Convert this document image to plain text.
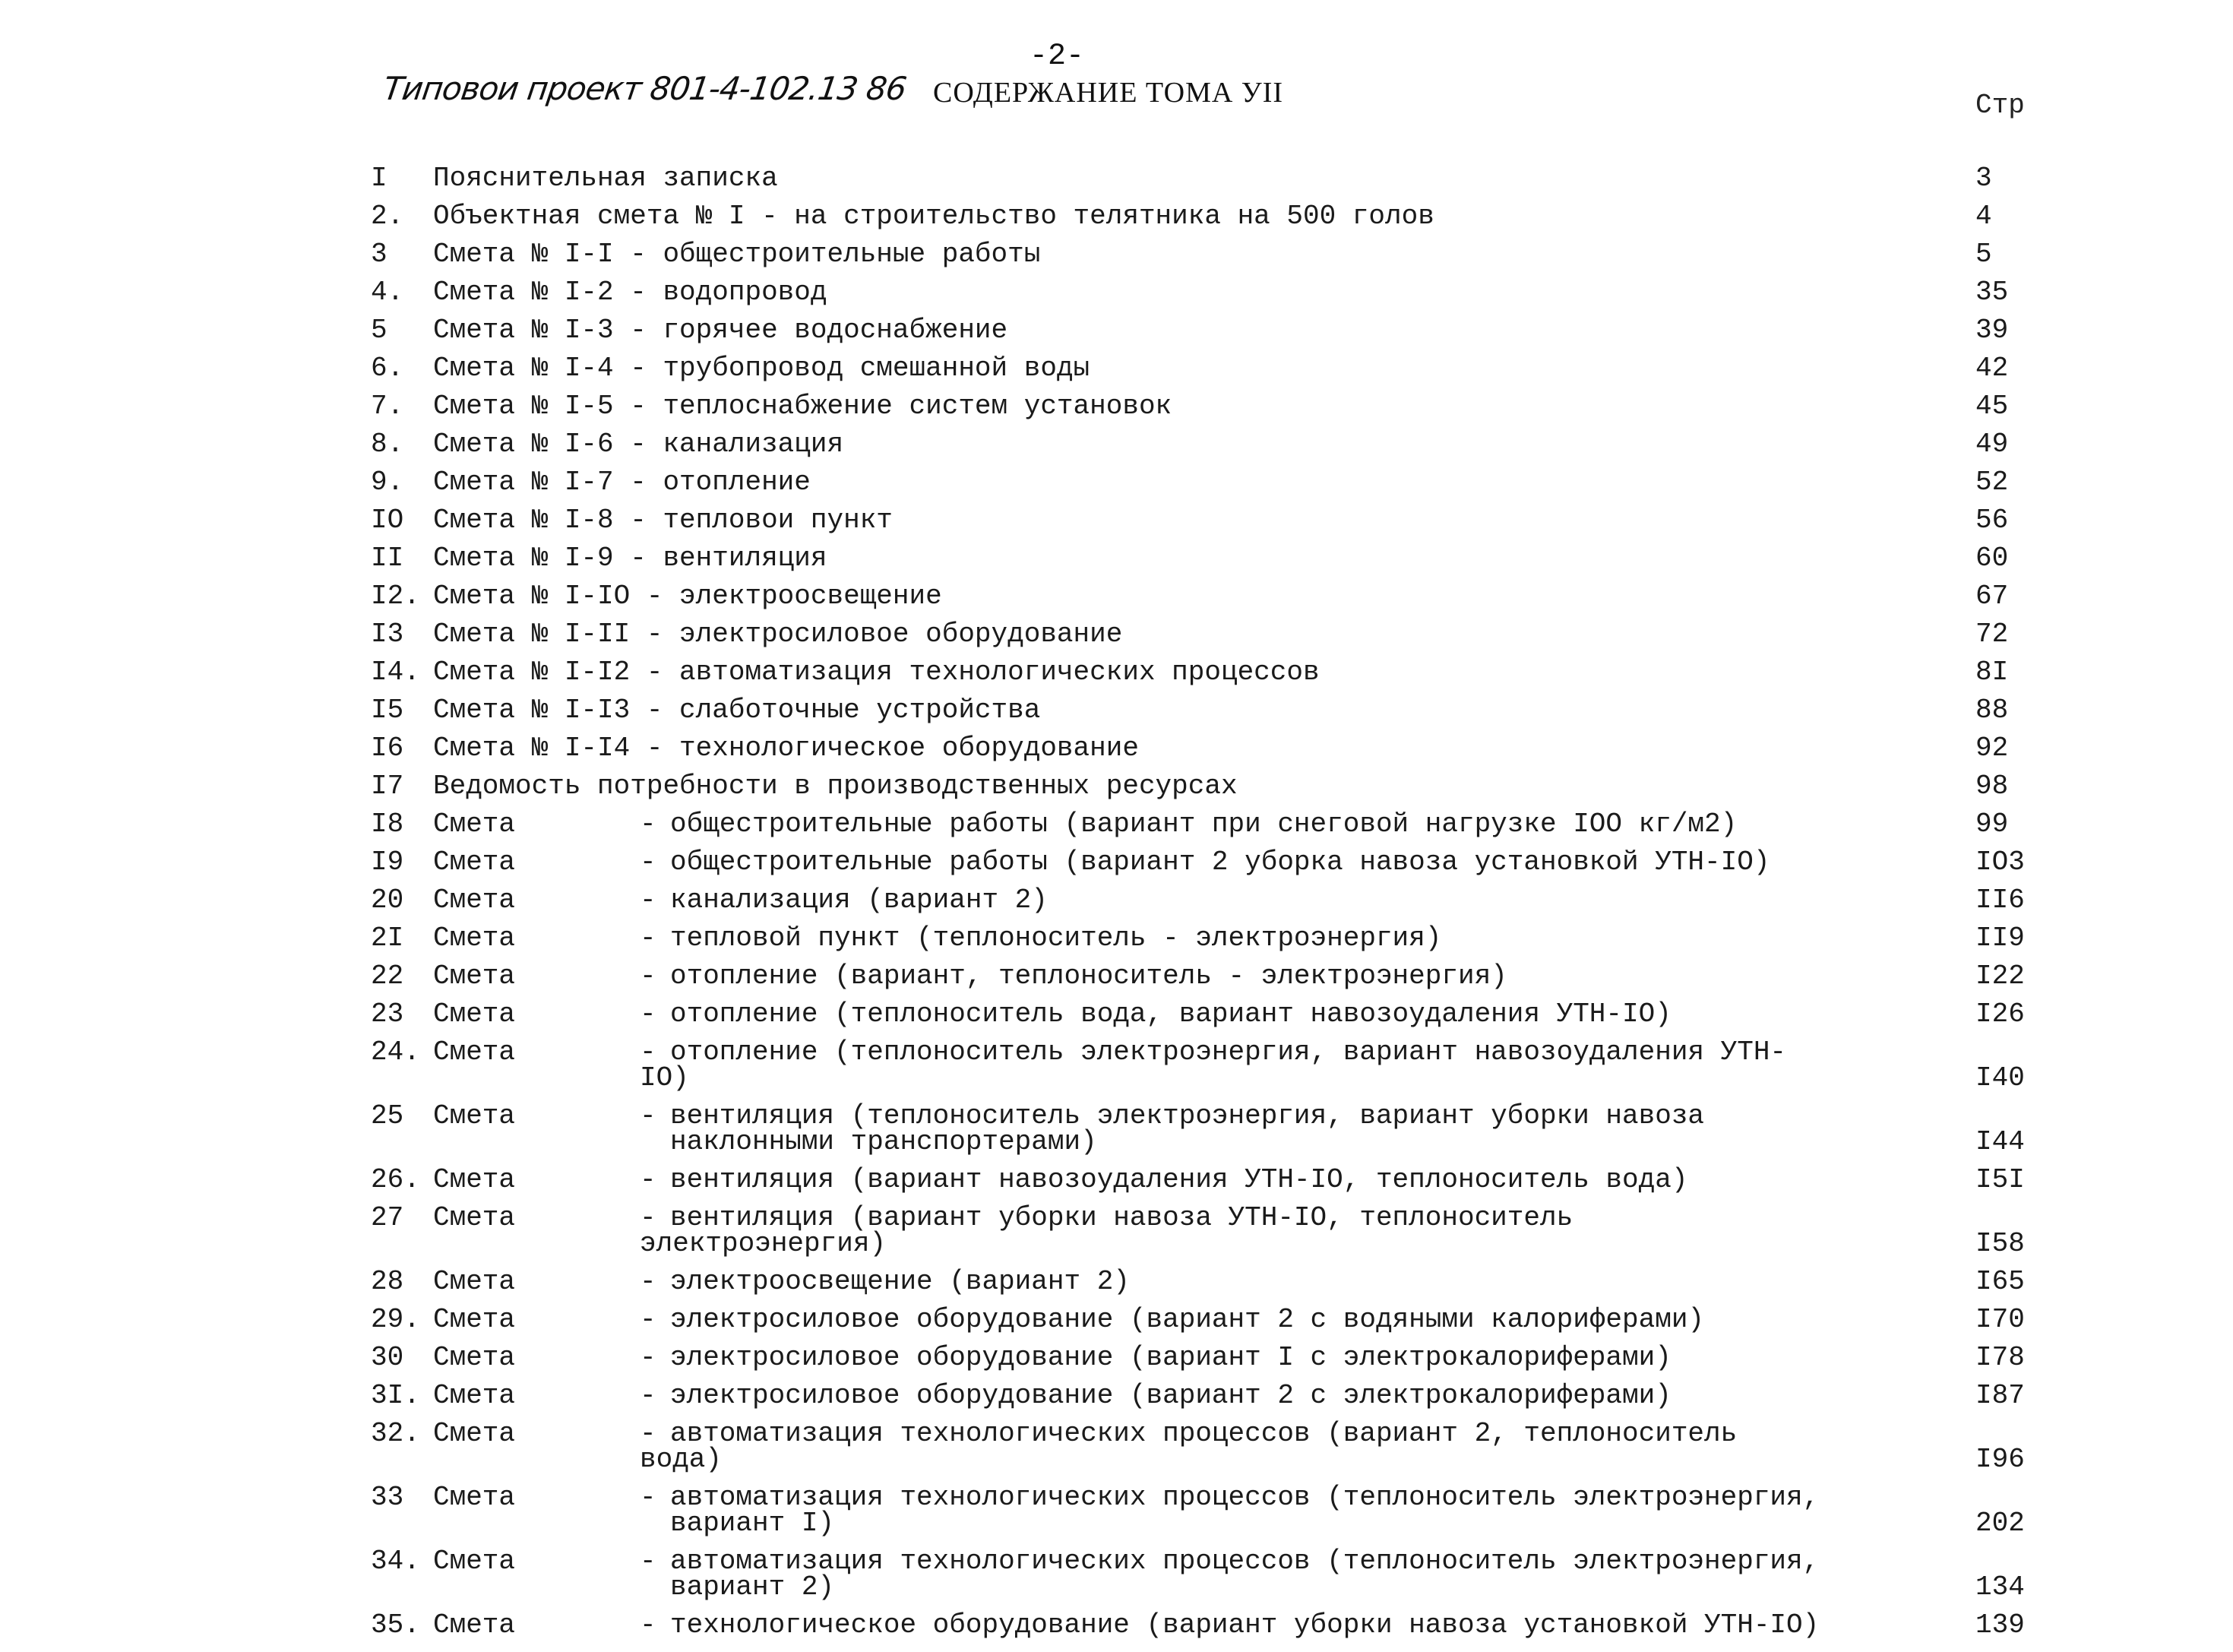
Типовои проект 801-4-102.13 86
-2-
СОДЕРЖАНИЕ ТОМА УII	Стр
I	Пояснительная записка	3
2.	Объектная смета № I - на строительство телятника на 500 голов	4
3	Смета № I-I - общестроительные работы	5
4.	Смета № I-2 - водопровод	35
5	Смета № I-3 - горячее водоснабжение	39
6.	Смета № I-4 - трубопровод смешанной воды	42
7.	Смета № I-5 - теплоснабжение систем установок	45
8.	Смета № I-6 - канализация	49
9.	Смета № I-7 - отопление	52
IO	Смета № I-8 - тепловои пункт	56
II	Смета № I-9 - вентиляция	60
I2. Смета № I-IO - электроосвещение	67
I3	Смета № I-II - электросиловое оборудование	72
I4. Смета № I-I2 - автоматизация технологических процессов	8I
I5	Смета № I-I3 - слаботочные устройства	88
I6	Смета № I-I4 - технологическое оборудование	92
I7	Ведомость потребности в производственных ресурсах	98
I8	Смета	- общестроительные работы (вариант при снеговой нагрузке IOO кг/м2)	99
I9	Смета	- общестроительные работы (вариант 2 уборка навоза установкой УТН-IO)	IO3
20	Смета	- канализация (вариант 2)	II6
2I	Смета	- тепловой пункт (теплоноситель - электроэнергия)	II9
22	Смета	- отопление (вариант, теплоноситель - электроэнергия)	I22
23	Смета	- отопление (теплоноситель вода, вариант навозоудаления УТН-IO)	I26
24. Смета	- отопление (теплоноситель электроэнергия, вариант навозоудаления УТН-IO)	I40
25	Смета	- вентиляция (теплоноситель электроэнергия, вариант уборки навоза
наклонными транспортерами)	I44
26. Смета	- вентиляция (вариант навозоудаления УТН-IO, теплоноситель вода)	I5I
27	Смета	- вентиляция (вариант уборки навоза УТН-IO, теплоноситель электроэнергия)	I58
28	Смета	- электроосвещение (вариант 2)	I65
29. Смета	- электросиловое оборудование (вариант 2 с водяными калориферами)	I70
30	Смета	- электросиловое оборудование (вариант I с электрокалориферами)	I78
3I. Смета	- электросиловое оборудование (вариант 2 с электрокалориферами)	I87
32. Смета	- автоматизация технологических процессов (вариант 2, теплоноситель вода)	I96
33	Смета	- автоматизация технологических процессов (теплоноситель электроэнергия,
вариант I)	202
34. Смета	- автоматизация технологических процессов (теплоноситель электроэнергия,
вариант 2)	134
35. Смета	- технологическое оборудование (вариант уборки навоза установкой УТН-IO)	139
